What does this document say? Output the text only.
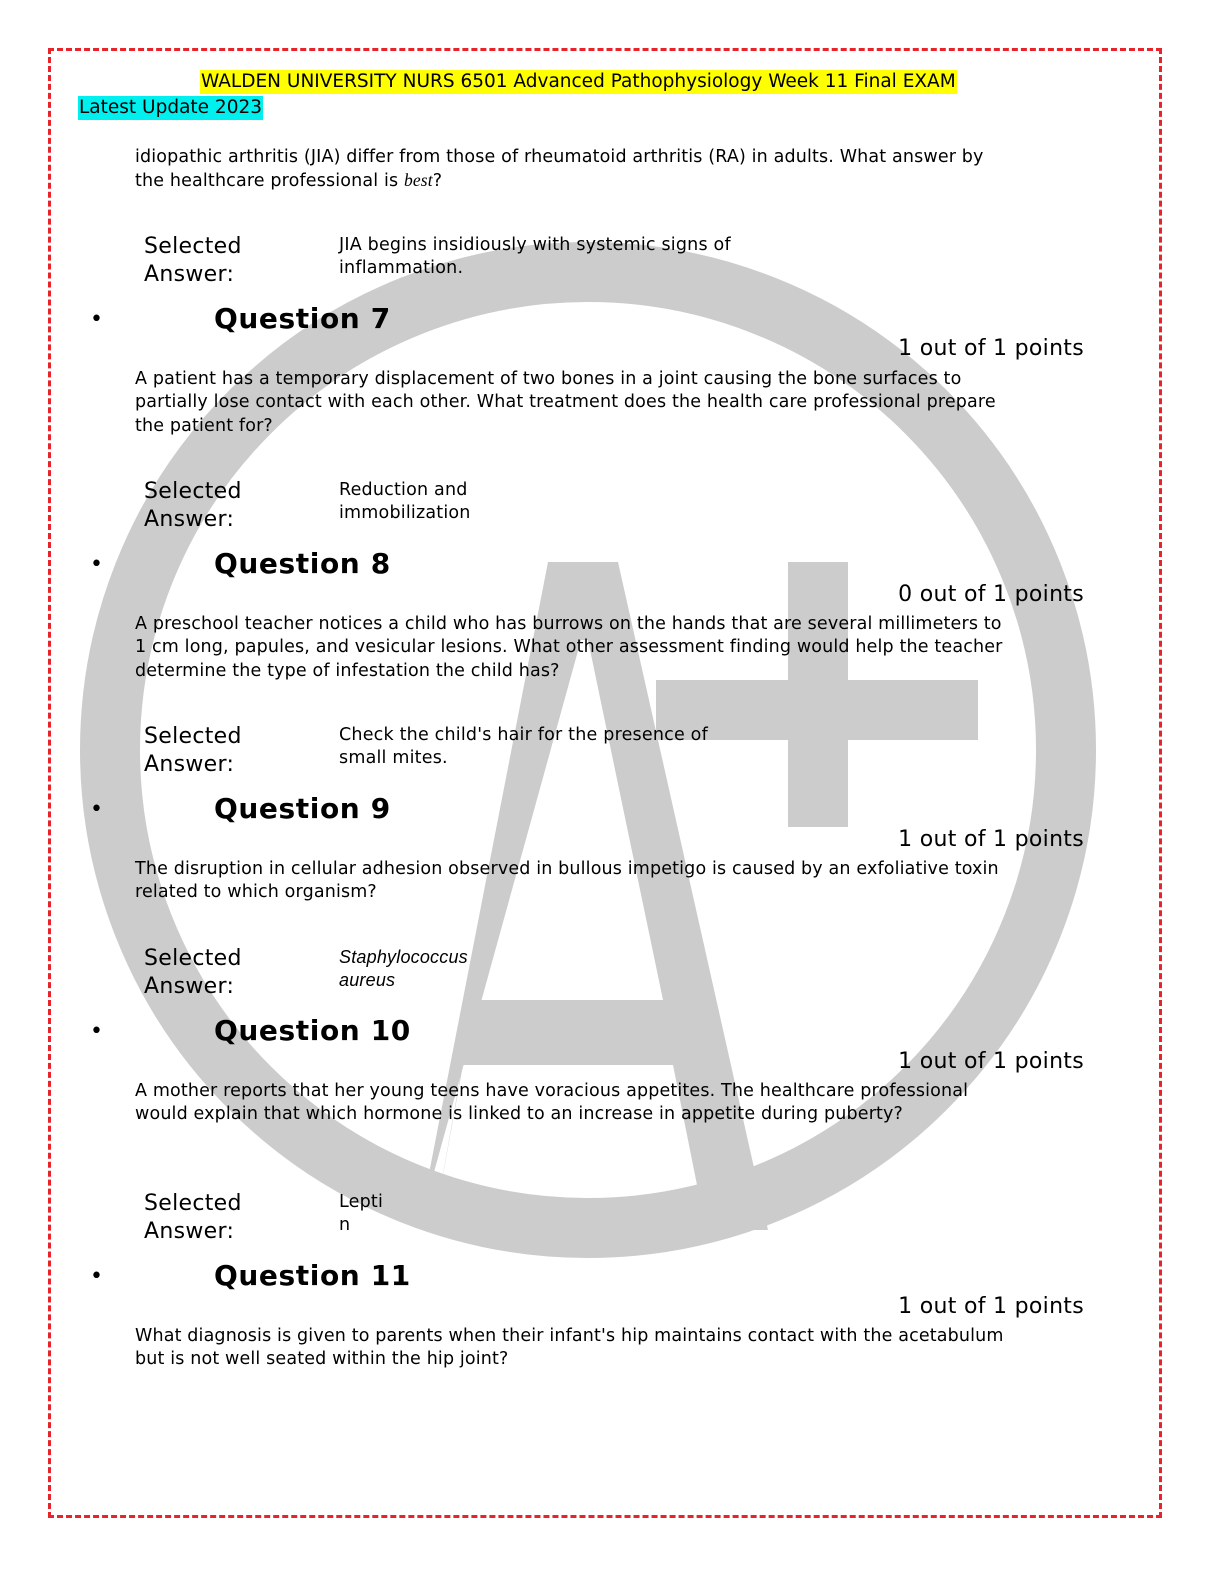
WALDEN UNIVERSITY NURS 6501 Advanced Pathophysiology Week 11 Final EXAM
Latest Update 2023
idiopathic arthritis (JIA) differ from those of rheumatoid arthritis (RA) in adults. What answer by the healthcare professional is best?
Selected Answer:
JIA begins insidiously with systemic signs of inflammation.
•	Question 7
1 out of 1 points
A patient has a temporary displacement of two bones in a joint causing the bone surfaces to partially lose contact with each other. What treatment does the health care professional prepare the patient for?
Selected Answer:
Reduction and immobilization
•	Question 8
0 out of 1 points
A preschool teacher notices a child who has burrows on the hands that are several millimeters to 1 cm long, papules, and vesicular lesions. What other assessment finding would help the teacher determine the type of infestation the child has?
Selected Answer:
Check the child's hair for the presence of small mites.
•	Question 9
1 out of 1 points
The disruption in cellular adhesion observed in bullous impetigo is caused by an exfoliative toxin related to which organism?
Selected Answer:
Staphylococcus aureus
•	Question 10
1 out of 1 points
A mother reports that her young teens have voracious appetites. The healthcare professional would explain that which hormone is linked to an increase in appetite during puberty?
Selected Answer:
Leptin
•	Question 11
1 out of 1 points
What diagnosis is given to parents when their infant's hip maintains contact with the acetabulum but is not well seated within the hip joint?
